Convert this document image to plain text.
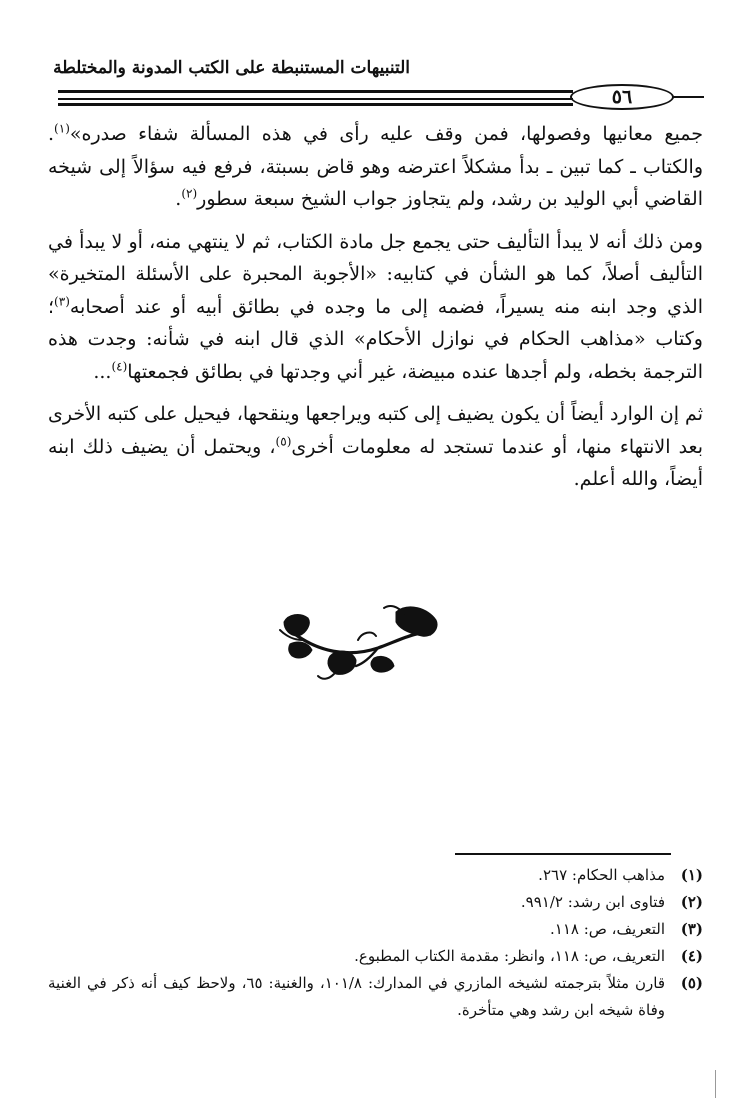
التنبيهات المستنبطة على الكتب المدونة والمختلطة
٥٦

جميع معانيها وفصولها، فمن وقف عليه رأى في هذه المسألة شفاء صدره»$^{(١)}$. والكتاب ـ كما تبين ـ بدأ مشكلاً اعترضه وهو قاض بسبتة، فرفع فيه سؤالاً إلى شيخه القاضي أبي الوليد بن رشد، ولم يتجاوز جواب الشيخ سبعة سطور$^{(٢)}$.

ومن ذلك أنه لا يبدأ التأليف حتى يجمع جل مادة الكتاب، ثم لا ينتهي منه، أو لا يبدأ في التأليف أصلاً، كما هو الشأن في كتابيه: «الأجوبة المحبرة على الأسئلة المتخيرة» الذي وجد ابنه منه يسيراً، فضمه إلى ما وجده في بطائق أبيه أو عند أصحابه$^{(٣)}$؛ وكتاب «مذاهب الحكام في نوازل الأحكام» الذي قال ابنه في شأنه: وجدت هذه الترجمة بخطه، ولم أجدها عنده مبيضة، غير أني وجدتها في بطائق فجمعتها$^{(٤)}$...

ثم إن الوارد أيضاً أن يكون يضيف إلى كتبه ويراجعها وينقحها، فيحيل على كتبه الأخرى بعد الانتهاء منها، أو عندما تستجد له معلومات أخرى$^{(٥)}$، ويحتمل أن يضيف ذلك ابنه أيضاً، والله أعلم.

(١)
مذاهب الحكام: ٢٦٧.
(٢)
فتاوى ابن رشد: ٩٩١/٢.
(٣)
التعريف، ص: ١١٨.
(٤)
التعريف، ص: ١١٨، وانظر: مقدمة الكتاب المطبوع.
(٥)
قارن مثلاً بترجمته لشيخه المازري في المدارك: ١٠١/٨، والغنية: ٦٥، ولاحظ كيف أنه ذكر في الغنية وفاة شيخه ابن رشد وهي متأخرة.
